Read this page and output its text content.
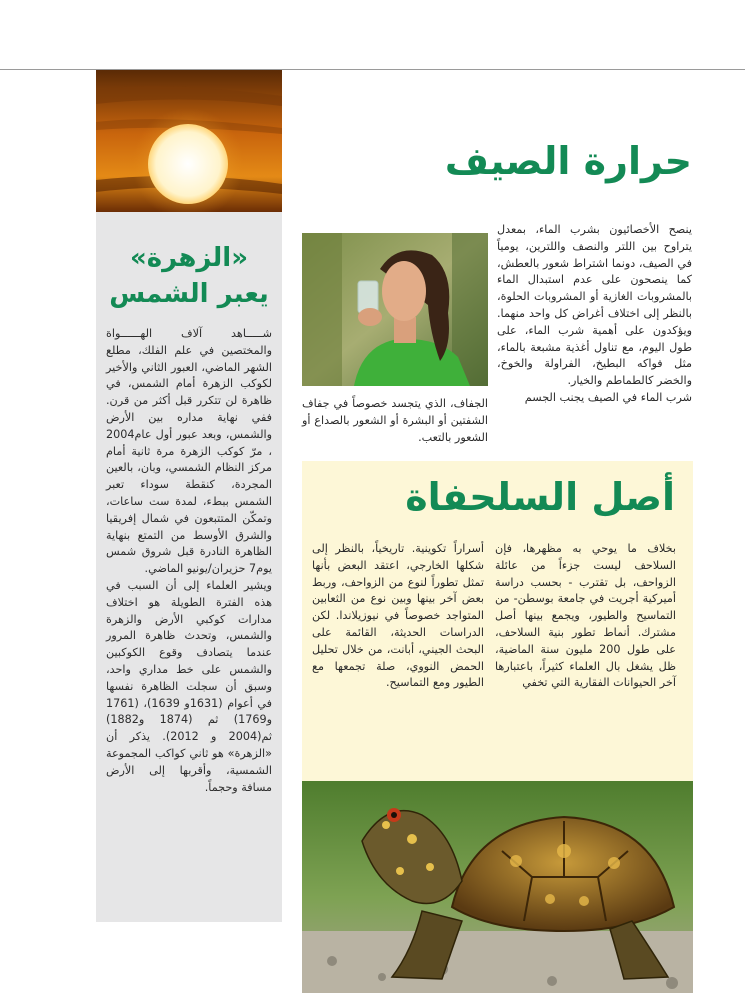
«الزهرة»
يعبر الشمس

شـــــاهد آلاف الهــــــواة والمختصين في علم الفلك، مطلع الشهر الماضي، العبور الثاني والأخير لكوكب الزهرة أمام الشمس، في ظاهرة لن تتكرر قبل أكثر من قرن. ففي نهاية مداره بين الأرض والشمس، وبعد عبور أول عام2004 ، مرّ كوكب الزهرة مرة ثانية أمام مركز النظام الشمسي، وبان، بالعين المجردة، كنقطة سوداء تعبر الشمس ببطء، لمدة ست ساعات، وتمكّن المتتبعون في شمال إفريقيا والشرق الأوسط من التمتع بنهاية الظاهرة النادرة قبل شروق شمس يوم7 حزيران/يونيو الماضي.

ويشير العلماء إلى أن السبب في هذه الفترة الطويلة هو اختلاف مدارات كوكبي الأرض والزهرة والشمس، وتحدث ظاهرة المرور عندما يتصادف وقوع الكوكبين والشمس على خط مداري واحد، وسبق أن سجلت الظاهرة نفسها في أعوام (1631و 1639)، (1761 و1769) ثم (1874 و1882) ثم(2004 و 2012). يذكر أن «الزهرة» هو ثاني كواكب المجموعة الشمسية، وأقربها إلى الأرض مسافة وحجماً.

حرارة الصيف

ينصح الأخصائيون بشرب الماء، بمعدل يتراوح بين اللتر والنصف واللترين، يومياً في الصيف، دونما اشتراط شعور بالعطش، كما ينصحون على عدم استبدال الماء بالمشروبات الغازية أو المشروبات الحلوة، بالنظر إلى اختلاف أغراض كل واحد منهما. ويؤكدون على أهمية شرب الماء، على طول اليوم، مع تناول أغذية مشبعة بالماء، مثل فواكه البطيخ، الفراولة والخوخ، والخضر كالطماطم والخيار.

شرب الماء في الصيف يجنب الجسم

الجفاف، الذي يتجسد خصوصاً في جفاف الشفتين أو البشرة أو الشعور بالصداع أو الشعور بالتعب.

أصل السلحفاة

بخلاف ما يوحي به مظهرها، فإن السلاحف ليست جزءاً من عائلة الزواحف، بل تقترب - بحسب دراسة أميركية أجريت في جامعة بوسطن- من التماسيح والطيور، ويجمع بينها أصل مشترك. أنماط تطور بنية السلاحف، على طول 200 مليون سنة الماضية، ظل يشغل بال العلماء كثيراً، باعتبارها آخر الحيوانات الفقارية التي تخفي

أسراراً تكوينية. تاريخياً، بالنظر إلى شكلها الخارجي، اعتقد البعض بأنها تمثل تطوراً لنوع من الزواحف، وربط بعض آخر بينها وبين نوع من الثعابين المتواجد خصوصاً في نيوزيلاندا. لكن الدراسات الحديثة، القائمة على البحث الجيني، أبانت، من خلال تحليل الحمض النووي، صلة تجمعها مع الطيور ومع التماسيح.
